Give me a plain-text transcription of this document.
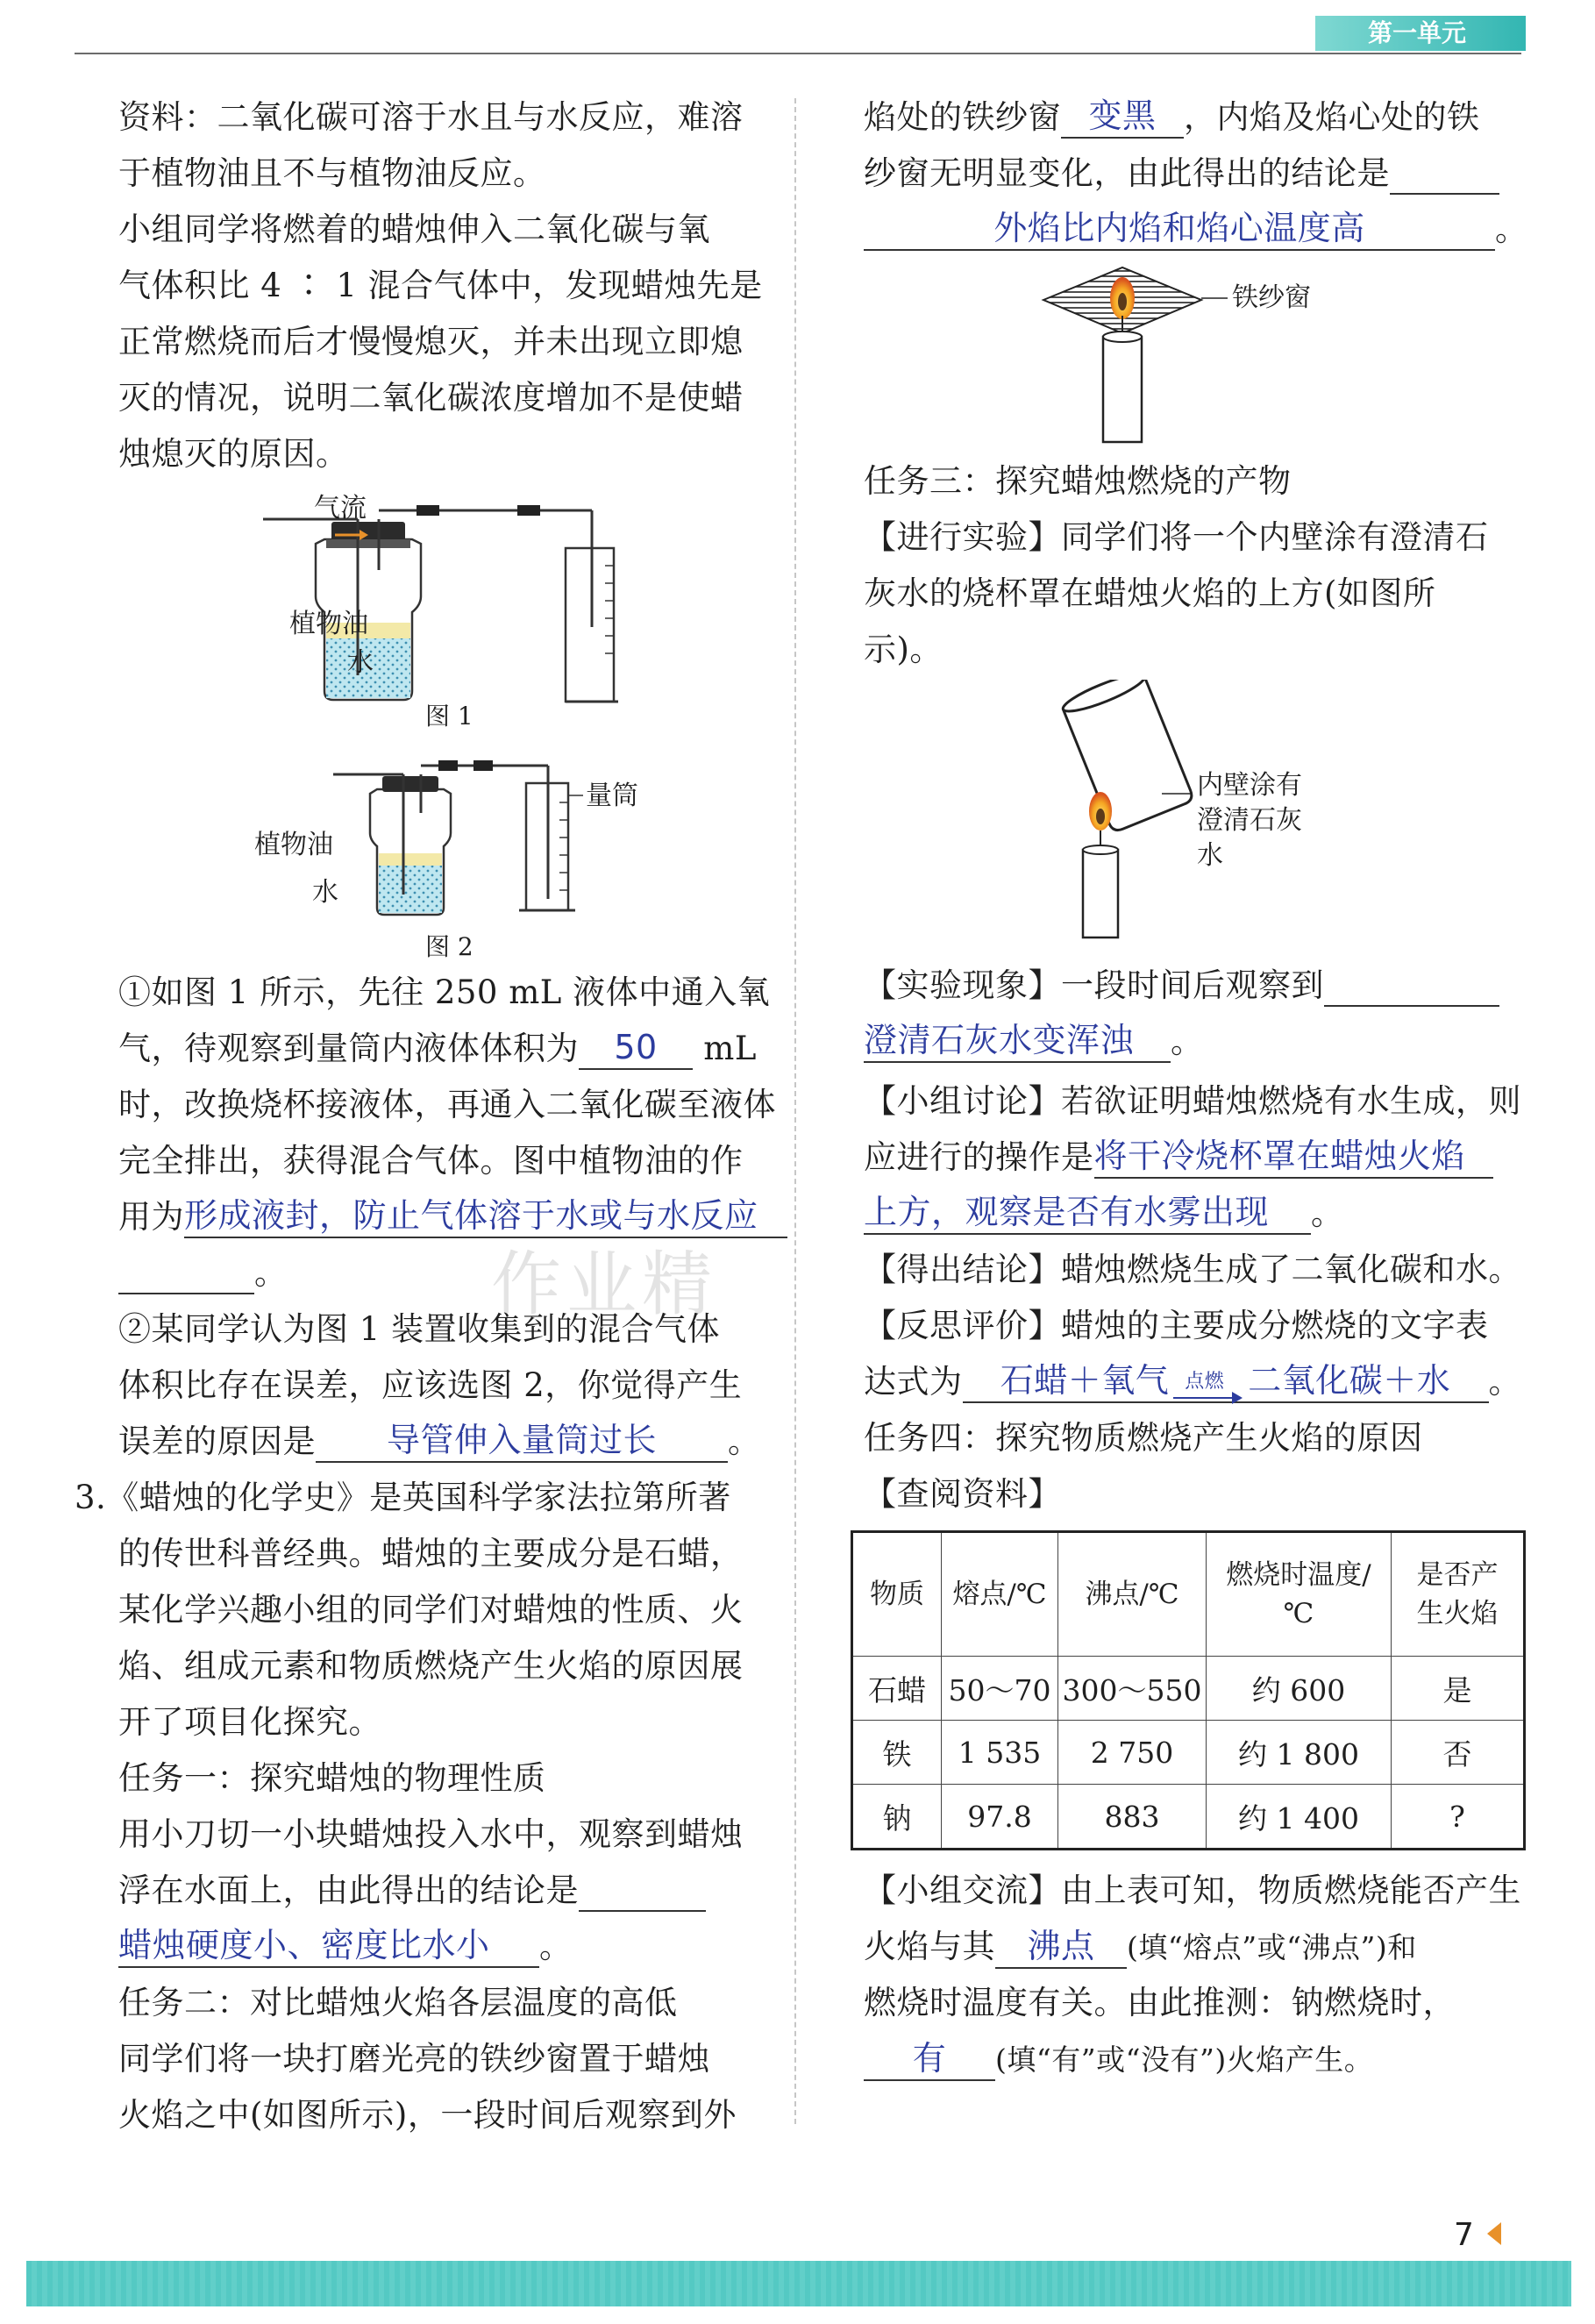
第一单元
资料：二氧化碳可溶于水且与水反应，难溶
于植物油且不与植物油反应。
小组同学将燃着的蜡烛伸入二氧化碳与氧
气体积比 4 ∶ 1 混合气体中，发现蜡烛先是
正常燃烧而后才慢慢熄灭，并未出现立即熄
灭的情况，说明二氧化碳浓度增加不是使蜡
烛熄灭的原因。
气流
植物油
水
图 1
量筒
植物油
水
图 2
①如图 1 所示，先往 250 mL 液体中通入氧
气，待观察到量筒内液体体积为 50 mL
时，改换烧杯接液体，再通入二氧化碳至液体
完全排出，获得混合气体。图中植物油的作
用为形成液封，防止气体溶于水或与水反应
。	作业精
②某同学认为图 1 装置收集到的混合气体
体积比存在误差，应该选图 2，你觉得产生
误差的原因是 导管伸入量筒过长 。
3.《蜡烛的化学史》是英国科学家法拉第所著
的传世科普经典。蜡烛的主要成分是石蜡，
某化学兴趣小组的同学们对蜡烛的性质、火
焰、组成元素和物质燃烧产生火焰的原因展
开了项目化探究。
任务一：探究蜡烛的物理性质
用小刀切一小块蜡烛投入水中，观察到蜡烛
浮在水面上，由此得出的结论是
蜡烛硬度小、密度比水小 。
任务二：对比蜡烛火焰各层温度的高低
同学们将一块打磨光亮的铁纱窗置于蜡烛
火焰之中(如图所示)，一段时间后观察到外
焰处的铁纱窗 变黑 ，内焰及焰心处的铁
纱窗无明显变化，由此得出的结论是
外焰比内焰和焰心温度高	。
铁纱窗
任务三：探究蜡烛燃烧的产物
【进行实验】同学们将一个内壁涂有澄清石
灰水的烧杯罩在蜡烛火焰的上方(如图所
示)。
内壁涂有
澄清石灰
水
【实验现象】一段时间后观察到
澄清石灰水变浑浊 。
【小组讨论】若欲证明蜡烛燃烧有水生成，则
应进行的操作是将干冷烧杯罩在蜡烛火焰
上方，观察是否有水雾出现 。
【得出结论】蜡烛燃烧生成了二氧化碳和水。
【反思评价】蜡烛的主要成分燃烧的文字表
达式为 石蜡＋氧气 点燃 二氧化碳＋水 。
任务四：探究物质燃烧产生火焰的原因
【查阅资料】
物质	熔点/℃	沸点/℃	燃烧时温度/℃	是否产生火焰
石蜡	50～70	300～550	约 600	是
铁	1 535	2 750	约 1 800	否
钠	97.8	883	约 1 400	?
【小组交流】由上表可知，物质燃烧能否产生
火焰与其 沸点 (填“熔点”或“沸点”)和
燃烧时温度有关。由此推测：钠燃烧时，
有 (填“有”或“没有”)火焰产生。
7
